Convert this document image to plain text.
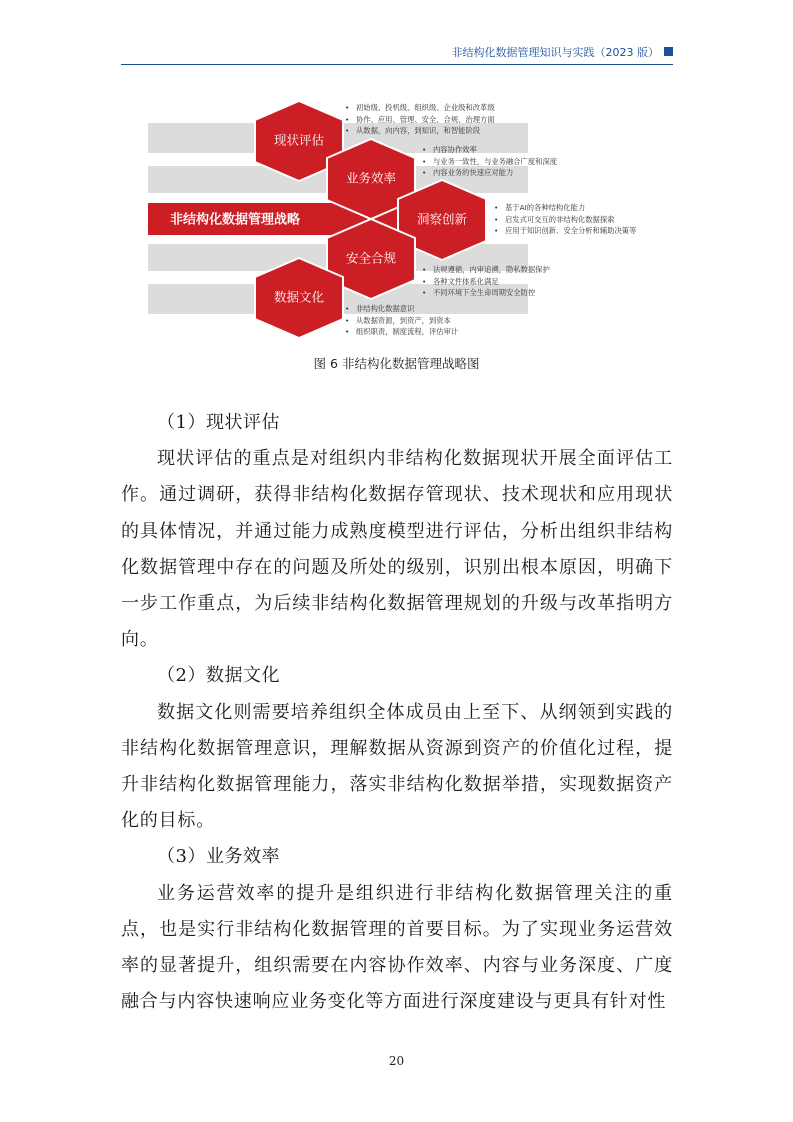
非结构化数据管理知识与实践（2023 版）
非结构化数据管理战略
现状评估
业务效率
洞察创新
安全合规
数据文化
• 初始级、投机级、组织级、企业级和改革级
• 协作、应用、管理、安全、合规、治理方面
• 从数据，向内容，到知识，和智能阶段
• 内容协作效率
• 与业务一致性，与业务融合广度和深度
• 内容业务的快速应对能力
• 基于AI的各种结构化能力
• 启发式可交互的非结构化数据探索
• 应用于知识创新、安全分析和辅助决策等
• 法规遵循，内审追溯，隐私数据保护
• 各种文件体系化满足
• 不同环境下全生命周期安全防控
• 非结构化数据意识
• 从数据资源，到资产，到资本
• 组织职责，制度流程，评估审计
图 6 非结构化数据管理战略图

（1）现状评估

现状评估的重点是对组织内非结构化数据现状开展全面评估工作。通过调研，获得非结构化数据存管现状、技术现状和应用现状的具体情况，并通过能力成熟度模型进行评估，分析出组织非结构化数据管理中存在的问题及所处的级别，识别出根本原因，明确下一步工作重点，为后续非结构化数据管理规划的升级与改革指明方向。

（2）数据文化

数据文化则需要培养组织全体成员由上至下、从纲领到实践的非结构化数据管理意识，理解数据从资源到资产的价值化过程，提升非结构化数据管理能力，落实非结构化数据举措，实现数据资产化的目标。

（3）业务效率

业务运营效率的提升是组织进行非结构化数据管理关注的重点，也是实行非结构化数据管理的首要目标。为了实现业务运营效率的显著提升，组织需要在内容协作效率、内容与业务深度、广度融合与内容快速响应业务变化等方面进行深度建设与更具有针对性

20
